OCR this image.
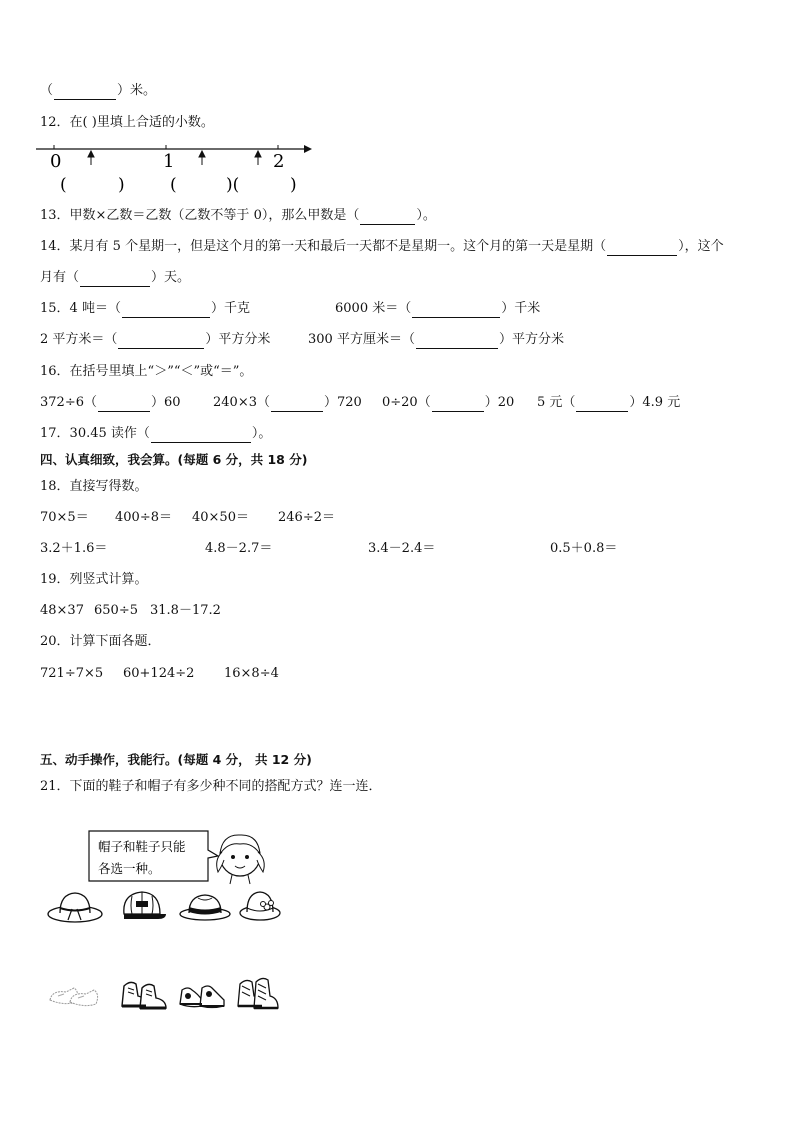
（	）米。
12．在( )里填上合适的小数。
0	1	2
(	)	(	)(	)
13．甲数×乙数＝乙数（乙数不等于 0），那么甲数是（	）。
14．某月有 5 个星期一，但是这个月的第一天和最后一天都不是星期一。这个月的第一天是星期（	），这个
月有（	）天。
15．4 吨＝（	）千克	6000 米＝（	）千米
2 平方米＝（	）平方分米	300 平方厘米＝（	）平方分米
16．在括号里填上“＞”“＜”或“＝”。
372÷6（	）60 240×3（	）720 0÷20（	）20 5 元（	）4.9 元
17．30.45 读作（	）。
四、认真细致，我会算。(每题 6 分，共 18 分)
18．直接写得数。
70×5＝ 400÷8＝ 40×50＝ 246÷2＝
3.2＋1.6＝	4.8－2.7＝	3.4－2.4＝	0.5＋0.8＝
19．列竖式计算。
48×37 650÷5 31.8－17.2
20．计算下面各题．
721÷7×5 60+124÷2 16×8÷4
五、动手操作，我能行。(每题 4 分， 共 12 分)
21．下面的鞋子和帽子有多少种不同的搭配方式？连一连．
帽子和鞋子只能
各选一种。
